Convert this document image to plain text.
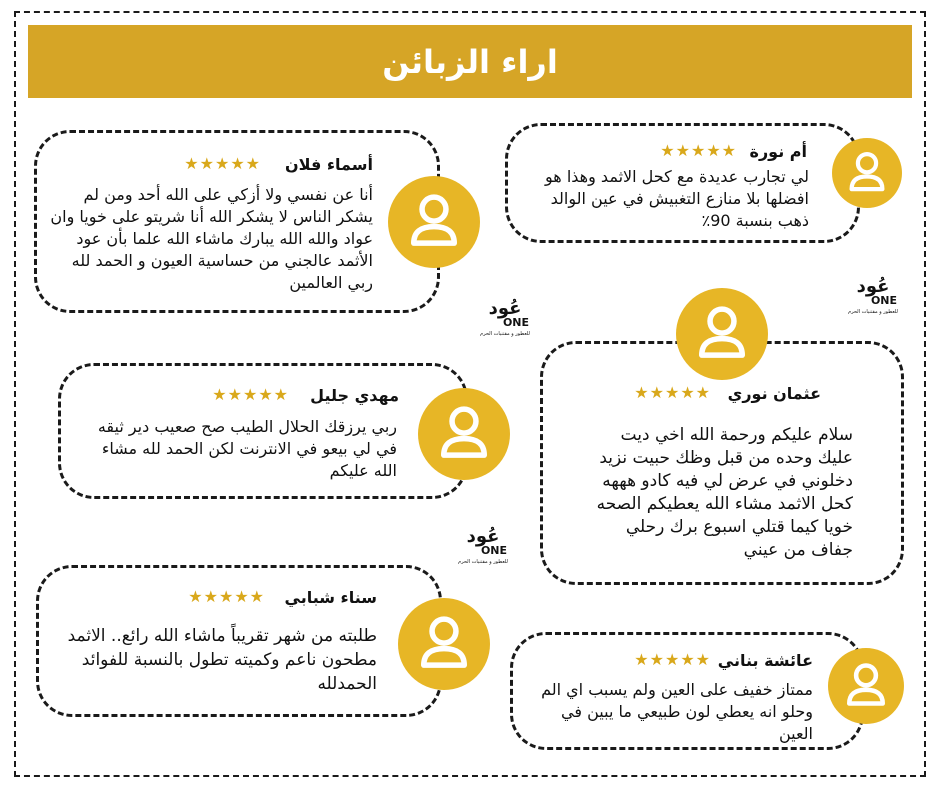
اراء الزبائن
أم نورة
★★★★★
لي تجارب عديدة مع كحل الاثمد وهذا هو افضلها بلا منازع التغبيش في عين الوالد ذهب بنسبة 90٪
أسماء فلان
★★★★★
أنا عن نفسي ولا أزكي على الله أحد ومن لم يشكر الناس لا يشكر الله أنا شريتو على خويا وان عواد والله الله يبارك ماشاء الله علما بأن عود الأثمد عالجني من حساسية العيون و الحمد لله ربي العالمين
عثمان نوري
★★★★★
سلام عليكم ورحمة الله اخي ديت عليك وحده من قبل وظك حبيت نزيد دخلوني في عرض لي فيه كادو هههه كحل الاثمد مشاء الله يعطيكم الصحه خويا كيما قتلي اسبوع برك رحلي جفاف من عيني
مهدي جليل
★★★★★
ربي يرزقك الحلال الطيب صح صعيب دير ثيقه في لي بيعو في الانترنت لكن الحمد لله مشاء الله عليكم
سناء شبابي
★★★★★
طلبته من شهر تقريباً ماشاء الله رائع.. الاثمد مطحون ناعم وكميته تطول بالنسبة للفوائد الحمدلله
عائشة بناني
★★★★★
ممتاز خفيف على العين ولم يسبب اي الم وحلو انه يعطي لون طبيعي ما يبين في العين
عُود
ONE
للعطور و مقتنيات الحرم
عُود
ONE
للعطور و مقتنيات الحرم
عُود
ONE
للعطور و مقتنيات الحرم
